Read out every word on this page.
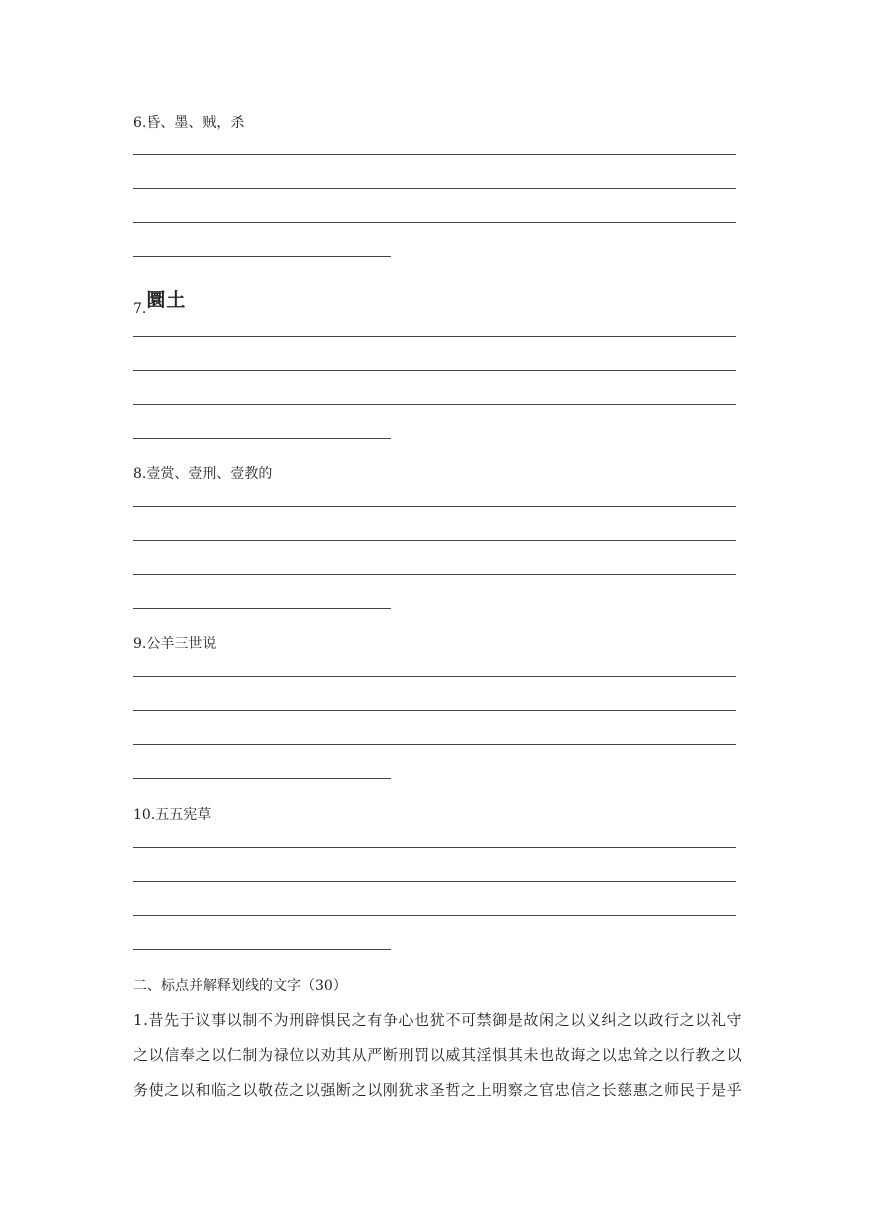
6.昏、墨、贼，杀
7.圜土
8.壹赏、壹刑、壹教的
9.公羊三世说
10.五五宪草
二、标点并解释划线的文字（30）
1.昔先于议事以制不为刑辟惧民之有争心也犹不可禁御是故闲之以义纠之以政行之以礼守
之以信奉之以仁制为禄位以劝其从严断刑罚以威其淫惧其未也故诲之以忠耸之以行教之以
务使之以和临之以敬莅之以强断之以刚犹求圣哲之上明察之官忠信之长慈惠之师民于是乎
